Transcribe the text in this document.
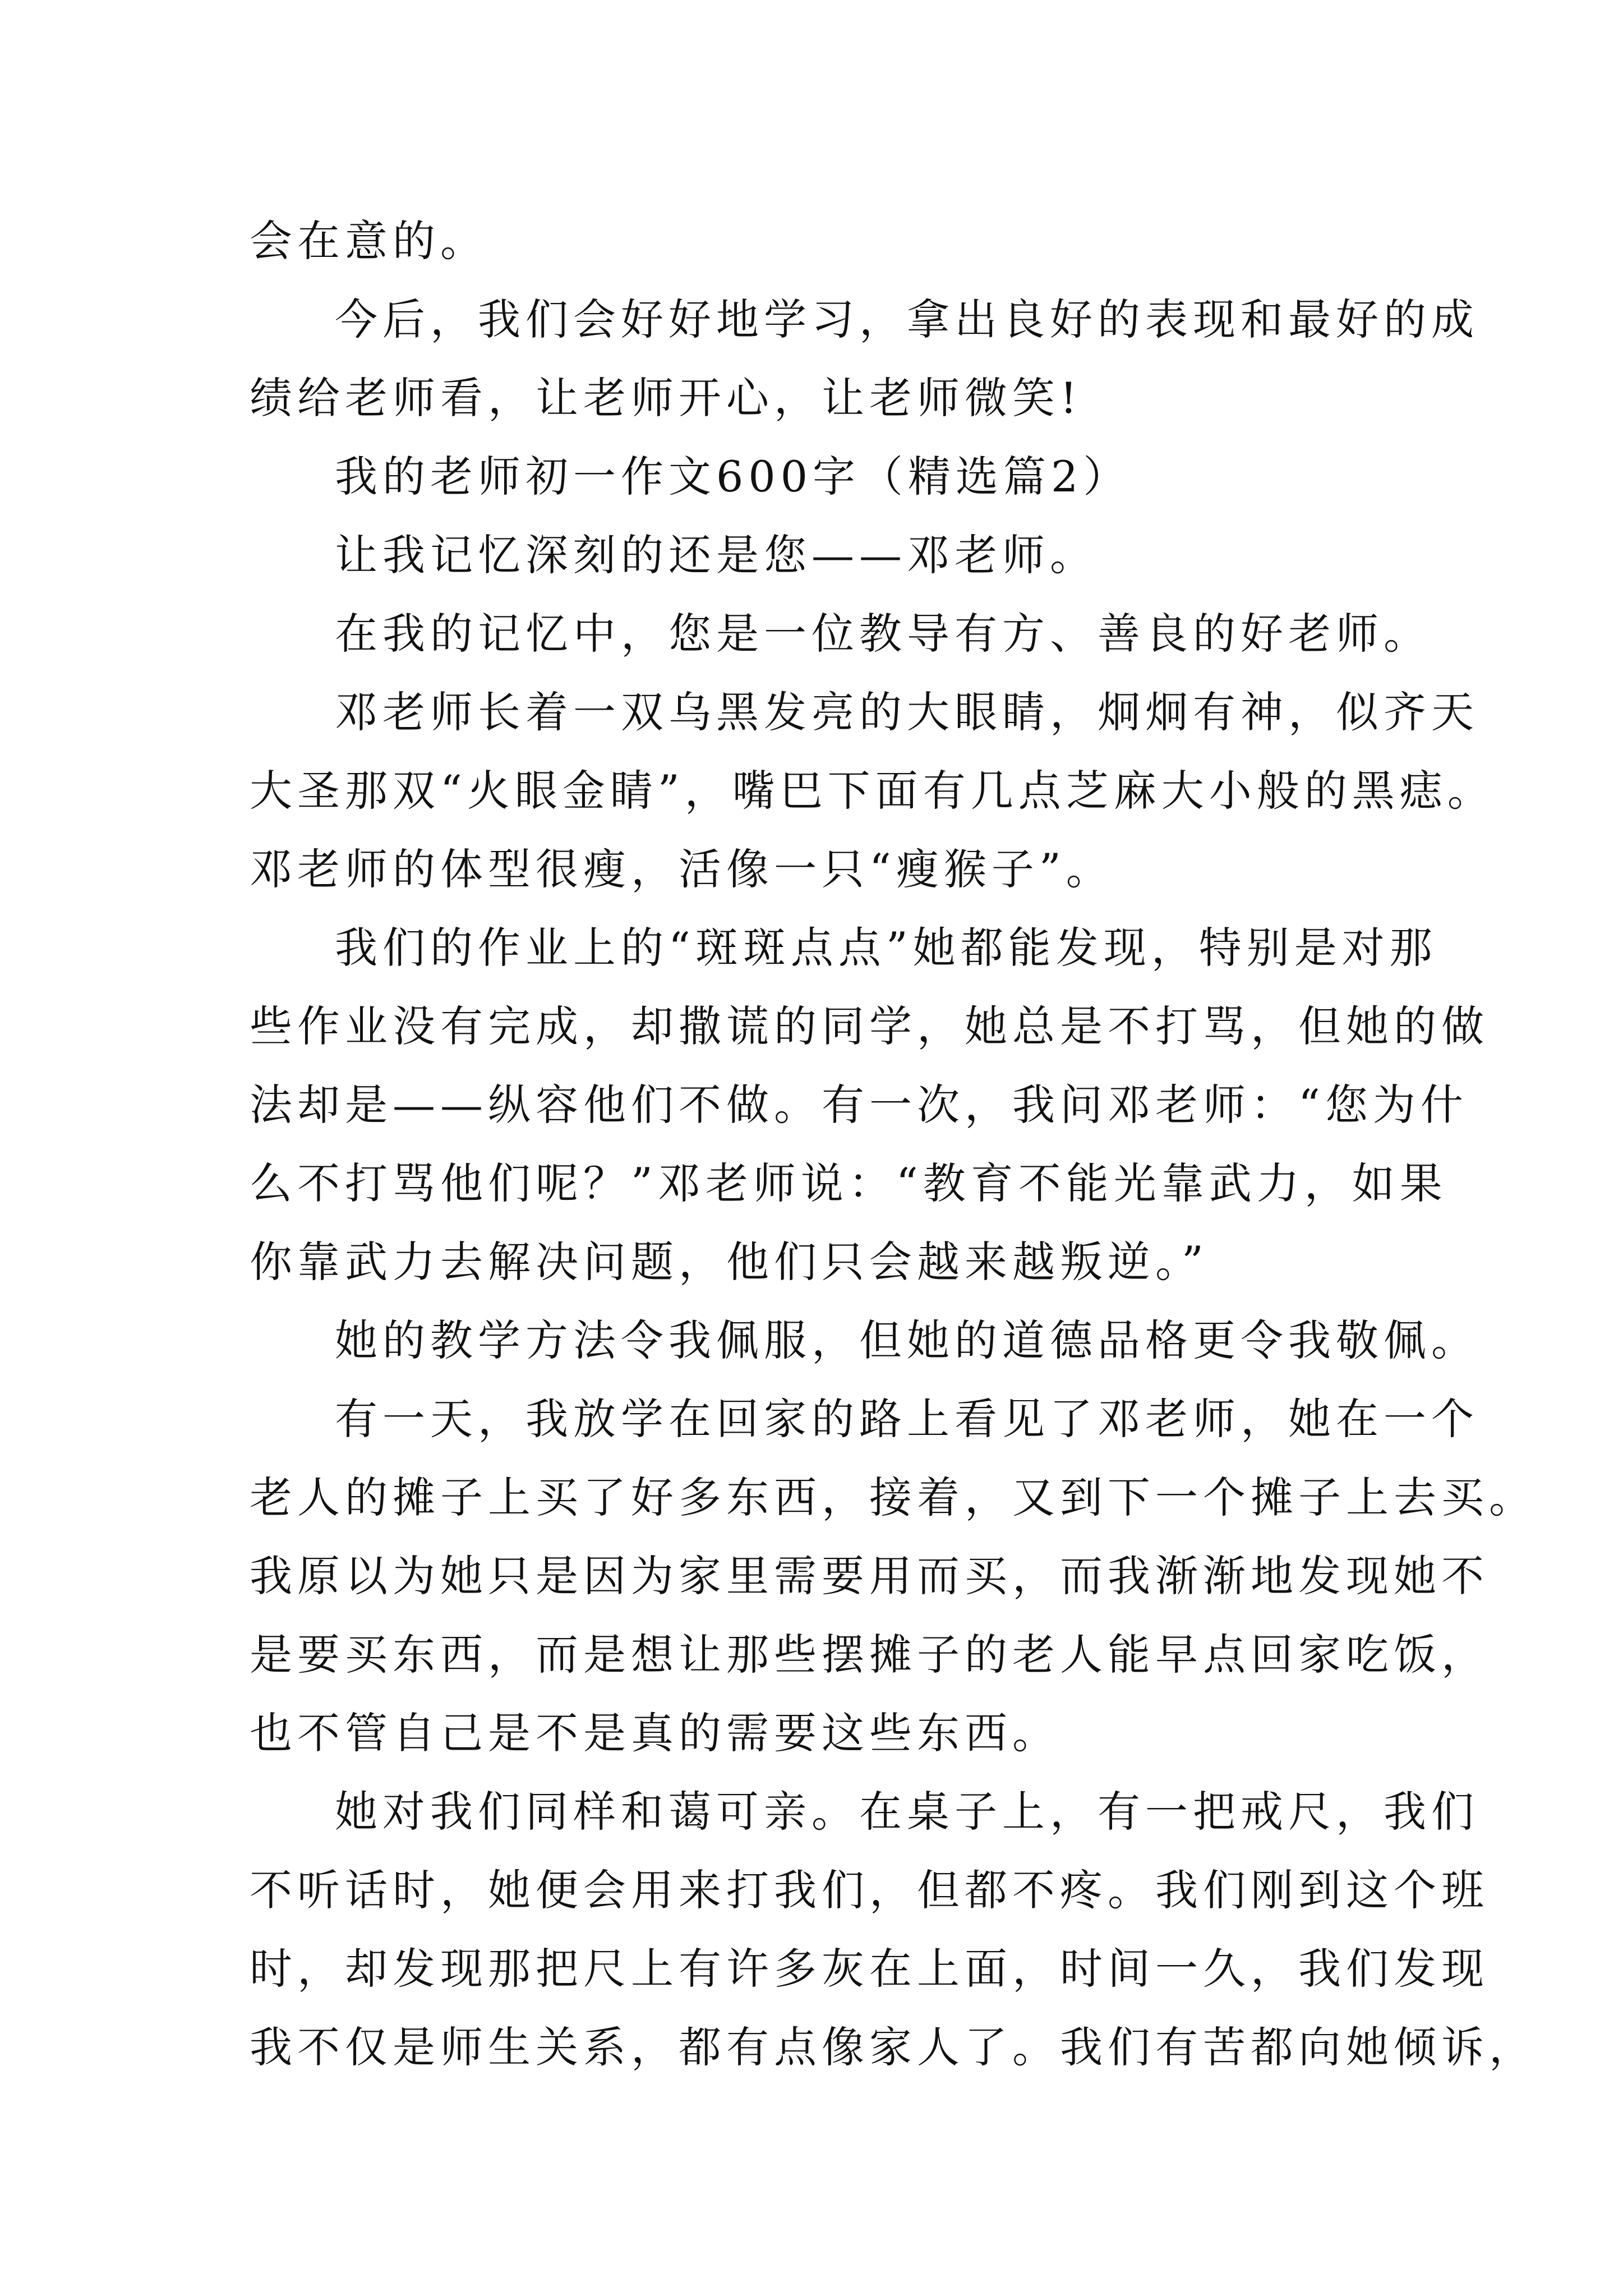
会在意的。
今后，我们会好好地学习，拿出良好的表现和最好的成
绩给老师看，让老师开心，让老师微笑!
我的老师初一作文600字（精选篇2）
让我记忆深刻的还是您——邓老师。
在我的记忆中，您是一位教导有方、善良的好老师。
邓老师长着一双乌黑发亮的大眼睛，炯炯有神，似齐天
大圣那双“火眼金睛”，嘴巴下面有几点芝麻大小般的黑痣。
邓老师的体型很瘦，活像一只“瘦猴子”。
我们的作业上的“斑斑点点”她都能发现，特别是对那
些作业没有完成，却撒谎的同学，她总是不打骂，但她的做
法却是——纵容他们不做。有一次，我问邓老师：“您为什
么不打骂他们呢？”邓老师说：“教育不能光靠武力，如果
你靠武力去解决问题，他们只会越来越叛逆。”
她的教学方法令我佩服，但她的道德品格更令我敬佩。
有一天，我放学在回家的路上看见了邓老师，她在一个
老人的摊子上买了好多东西，接着，又到下一个摊子上去买。
我原以为她只是因为家里需要用而买，而我渐渐地发现她不
是要买东西，而是想让那些摆摊子的老人能早点回家吃饭，
也不管自己是不是真的需要这些东西。
她对我们同样和蔼可亲。在桌子上，有一把戒尺，我们
不听话时，她便会用来打我们，但都不疼。我们刚到这个班
时，却发现那把尺上有许多灰在上面，时间一久，我们发现
我不仅是师生关系，都有点像家人了。我们有苦都向她倾诉，
